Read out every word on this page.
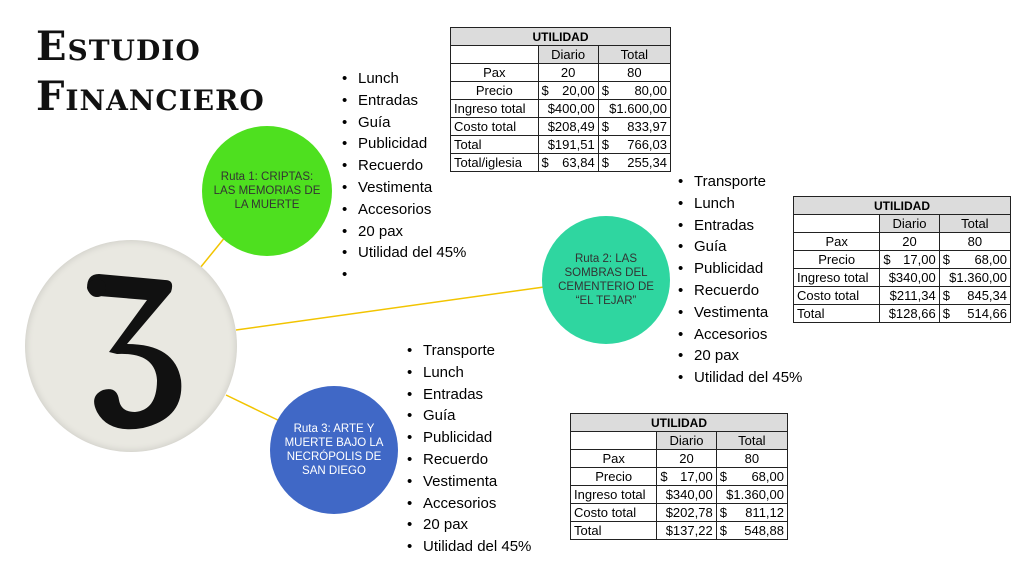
Estudio
Financiero
Ruta 1: CRIPTAS: LAS MEMORIAS DE LA MUERTE
Ruta 2: LAS SOMBRAS DEL CEMENTERIO DE “EL TEJAR”
Ruta 3: ARTE Y MUERTE BAJO LA NECRÓPOLIS DE SAN DIEGO
• Lunch
• Entradas
• Guía
• Publicidad
• Recuerdo
• Vestimenta
• Accesorios
• 20 pax
• Utilidad del 45%
• Transporte
• Lunch
• Entradas
• Guía
• Publicidad
• Recuerdo
• Vestimenta
• Accesorios
• 20 pax
• Utilidad del 45%
• Transporte
• Lunch
• Entradas
• Guía
• Publicidad
• Recuerdo
• Vestimenta
• Accesorios
• 20 pax
• Utilidad del 45%
UTILIDAD		
	Diario	Total
Pax	20	80
Precio	$ 20,00	$ 80,00

Ingreso total	$400,00	$1.600,00
Costo total	$208,49	$ 833,97

Total	$191,51	$ 766,03

Total/iglesia	$ 63,84	$ 255,34
UTILIDAD		
	Diario	Total
Pax	20	80
Precio	$ 17,00	$ 68,00

Ingreso total	$340,00	$1.360,00
Costo total	$211,34	$ 845,34

Total	$128,66	$ 514,66
UTILIDAD		
	Diario	Total
Pax	20	80
Precio	$ 17,00	$ 68,00

Ingreso total	$340,00	$1.360,00
Costo total	$202,78	$ 811,12

Total	$137,22	$ 548,88
